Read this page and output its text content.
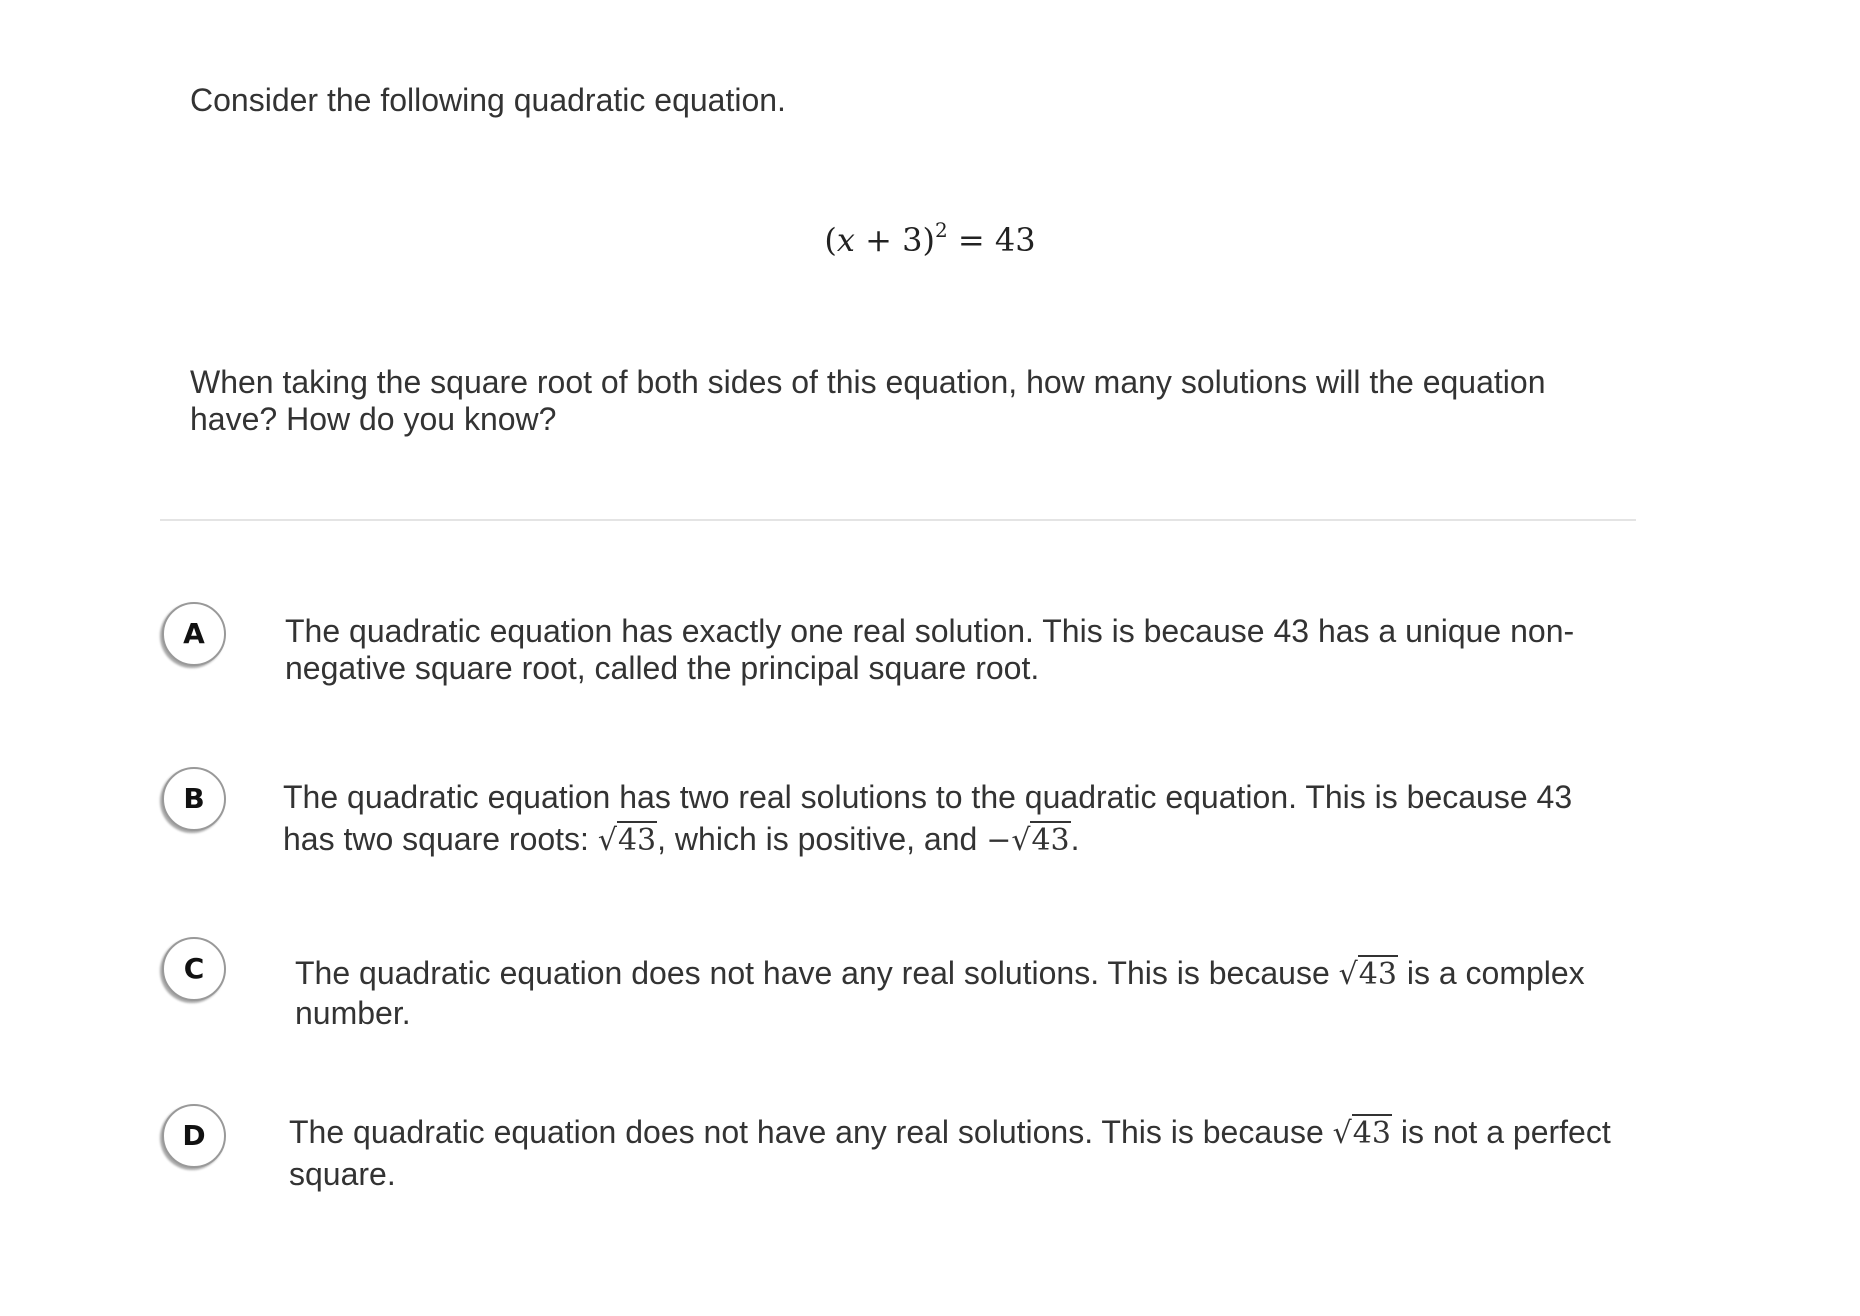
Consider the following quadratic equation.

$(x + 3)^2 = 43$

When taking the square root of both sides of this equation, how many solutions will the equation
have? How do you know?

A	The quadratic equation has exactly one real solution. This is because 43 has a unique non-
negative square root, called the principal square root.
B	The quadratic equation has two real solutions to the quadratic equation. This is because 43
has two square roots: √43, which is positive, and −√43.
C	The quadratic equation does not have any real solutions. This is because √43 is a complex
number.
D	The quadratic equation does not have any real solutions. This is because √43 is not a perfect
square.
